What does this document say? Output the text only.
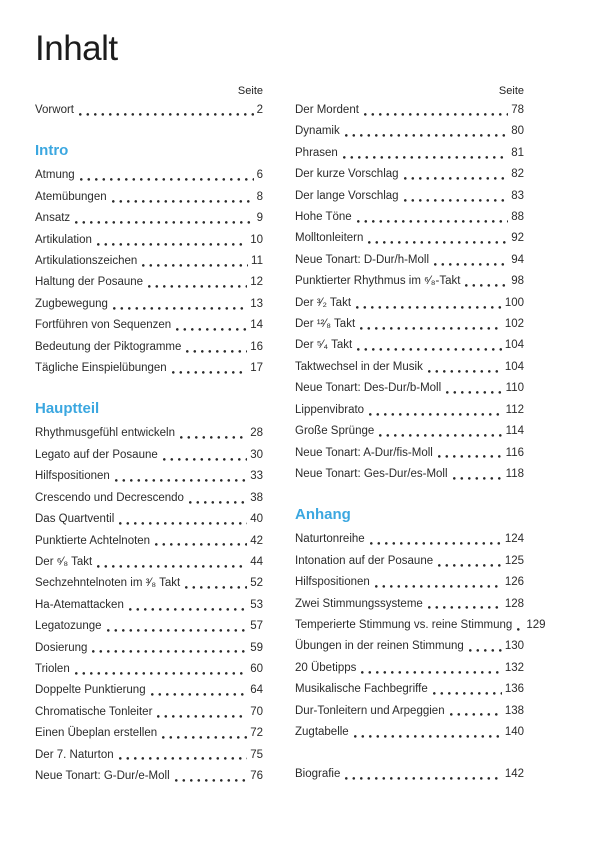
Inhalt
Seite
Vorwort	2
Intro
Atmung	6
Atemübungen	8
Ansatz	9
Artikulation	10
Artikulationszeichen	11
Haltung der Posaune	12
Zugbewegung	13
Fortführen von Sequenzen	14
Bedeutung der Piktogramme	16
Tägliche Einspielübungen	17
Hauptteil
Rhythmusgefühl entwickeln	28
Legato auf der Posaune	30
Hilfspositionen	33
Crescendo und Decrescendo	38
Das Quartventil	40
Punktierte Achtelnoten	42
Der ⁶⁄₈ Takt	44
Sechzehntelnoten im ³⁄₈ Takt	52
Ha-Atemattacken	53
Legatozunge	57
Dosierung	59
Triolen	60
Doppelte Punktierung	64
Chromatische Tonleiter	70
Einen Übeplan erstellen	72
Der 7. Naturton	75
Neue Tonart: G-Dur/e-Moll	76
Seite
Der Mordent	78
Dynamik	80
Phrasen	81
Der kurze Vorschlag	82
Der lange Vorschlag	83
Hohe Töne	88
Molltonleitern	92
Neue Tonart: D-Dur/h-Moll	94
Punktierter Rhythmus im ⁶⁄₈-Takt	98
Der ³⁄₂ Takt	100
Der ¹²⁄₈ Takt	102
Der ⁵⁄₄ Takt	104
Taktwechsel in der Musik	104
Neue Tonart: Des-Dur/b-Moll	110
Lippenvibrato	112
Große Sprünge	114
Neue Tonart: A-Dur/fis-Moll	116
Neue Tonart: Ges-Dur/es-Moll	118
Anhang
Naturtonreihe	124
Intonation auf der Posaune	125
Hilfspositionen	126
Zwei Stimmungssysteme	128
Temperierte Stimmung vs. reine Stimmung 129
Übungen in der reinen Stimmung	130
20 Übetipps	132
Musikalische Fachbegriffe	136
Dur-Tonleitern und Arpeggien	138
Zugtabelle	140
Biografie	142
